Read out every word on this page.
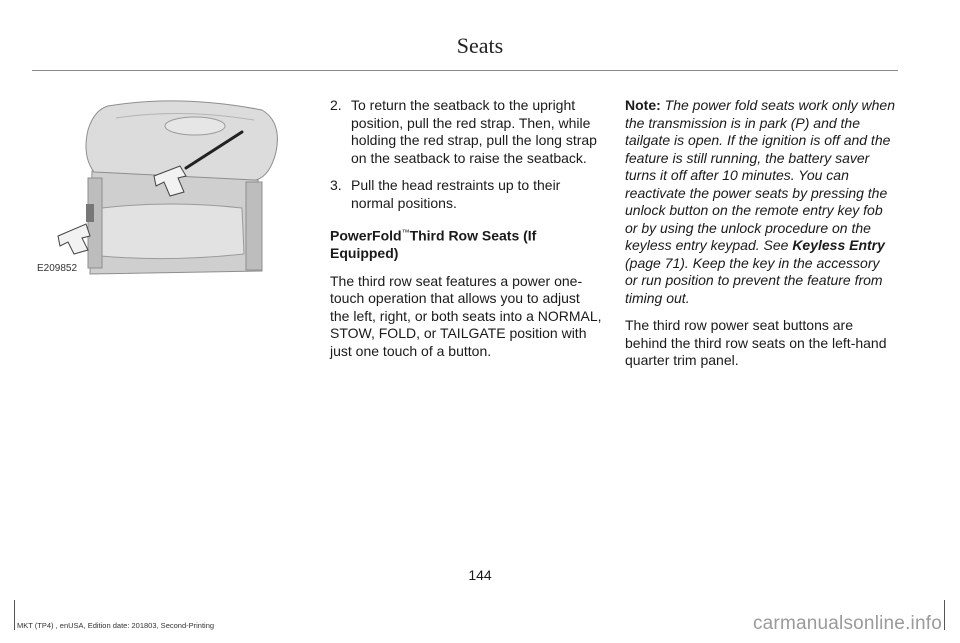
Seats
E209852
2. To return the seatback to the upright position, pull the red strap. Then, while holding the red strap, pull the long strap on the seatback to raise the seatback.
3. Pull the head restraints up to their normal positions.
PowerFold™Third Row Seats (If Equipped)

The third row seat features a power one-touch operation that allows you to adjust the left, right, or both seats into a NORMAL, STOW, FOLD, or TAILGATE position with just one touch of a button.

Note: The power fold seats work only when the transmission is in park (P) and the tailgate is open. If the ignition is off and the feature is still running, the battery saver turns it off after 10 minutes. You can reactivate the power seats by pressing the unlock button on the remote entry key fob or by using the unlock procedure on the keyless entry keypad. See Keyless Entry (page 71). Keep the key in the accessory or run position to prevent the feature from timing out.

The third row power seat buttons are behind the third row seats on the left-hand quarter trim panel.

144
MKT (TP4) , enUSA, Edition date: 201803, Second-Printing	carmanualsonline.info
